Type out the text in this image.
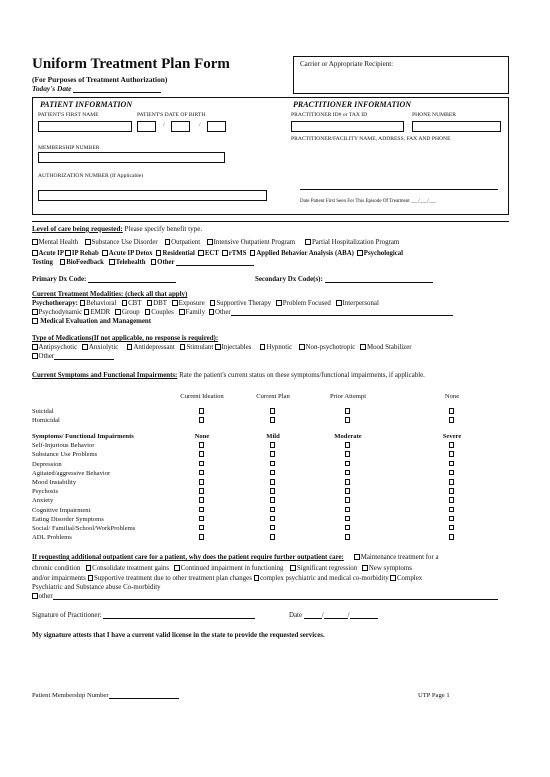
Uniform Treatment Plan Form
(For Purposes of Treatment Authorization)
Today's Date
Carrier or Appropriate Recipient:
PATIENT INFORMATION	PRACTITIONER INFORMATION
PATIENT'S FIRST NAME	PATIENT'S DATE OF BIRTH
/	/
MEMBERSHIP NUMBER
AUTHORIZATION NUMBER (If Applicable)
PRACTITIONER ID# or TAX ID	PHONE NUMBER
PRACTITIONER/FACILITY NAME, ADDRESS, FAX AND PHONE
Date Patient First Seen For This Episode Of Treatment ___/___/___
Level of care being requested: Please specify benefit type.
Mental Health Substance Use Disorder Outpatient Intensive Outpatient Program Partial Hospitalization Program
Acute IP IP Rehab Acute IP Detox Residential ECT rTMS Applied Behavior Analysis (ABA) Psychological
Testing BioFeedback Telehealth Other
Primary Dx Code:	Secondary Dx Code(s):
Current Treatment Modalities: (check all that apply)
Psychotherapy: Behavioral CBT DBT Exposure Supportive Therapy Problem Focused Interpersonal
Psychodynamic EMDR Group Couples Family Other
Medical Evaluation and Management
Type of Medications(If not applicable, no response is required):
Antipsychotic Anxiolytic Antidepressant Stimulant Injectables Hypnotic Non-psychotropic Mood Stabilizer
Other
Current Symptoms and Functional Impairments: Rate the patient's current status on these symptoms/functional impairments, if applicable.
	Current Ideation	Current Plan	Prior Attempt	None

Suicidal				
Homicidal				
Symptoms/ Functional Impairments	None	Mild	Moderate	Severe
Self-Injurious Behavior				
Substance Use Problems				
Depression				
Agitated/aggressive Behavior				
Mood Instability				
Psychosis				
Anxiety				
Cognitive Impairment				
Eating Disorder Symptoms				
Social/ Familial/School/WorkProblems				
ADL Problems				
If requesting additional outpatient care for a patient, why does the patient require further outpatient care: Maintenance treatment for a
chronic condition Consolidate treatment gains Continued impairment in functioning Significant regression New symptoms
and/or impairments Supportive treatment due to other treatment plan changes complex psychiatric and medical co-morbidity Complex
Psychiatric and Substance abuse Co-morbidity
other
Signature of Practitioner:	Date	/	/
My signature attests that I have a current valid license in the state to provide the requested services.
Patient Membership Number	UTP Page 1
